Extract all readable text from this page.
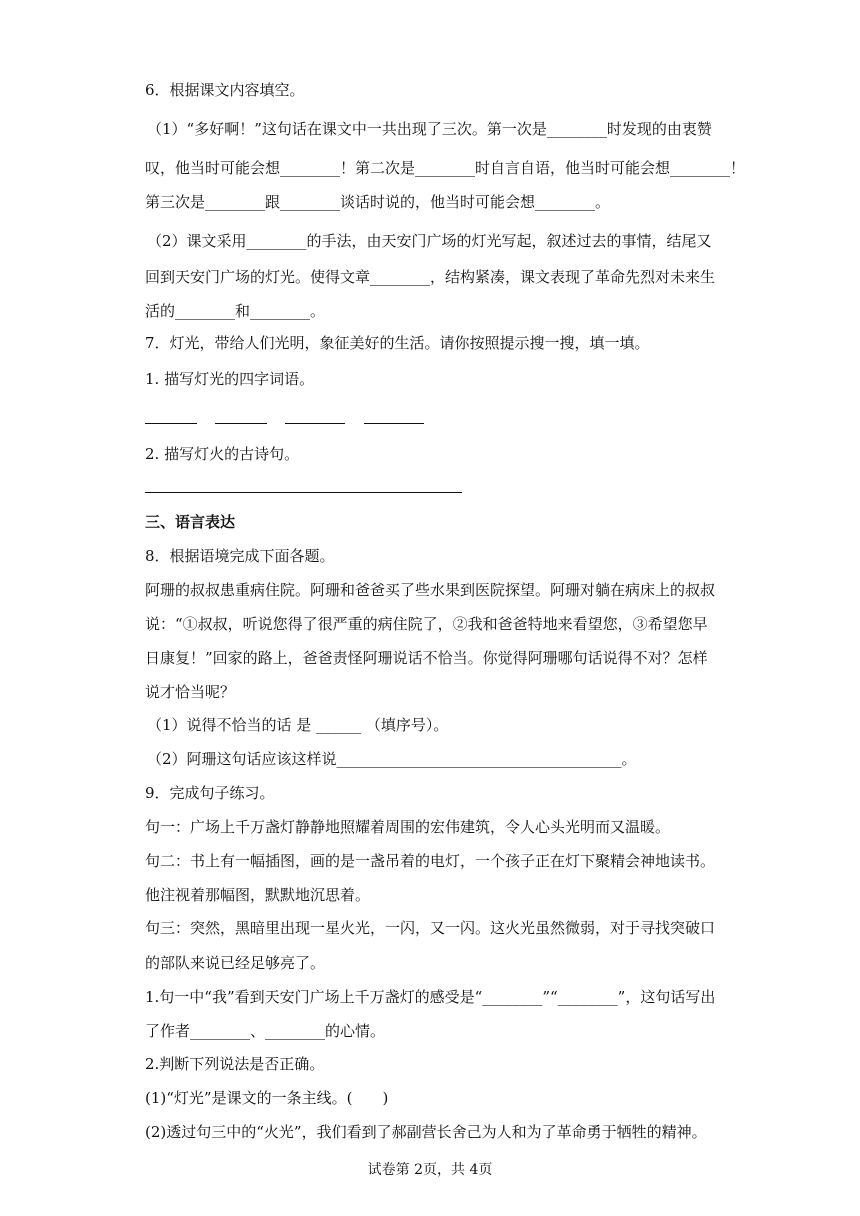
6．根据课文内容填空。
（1）“多好啊！”这句话在课文中一共出现了三次。第一次是________时发现的由衷赞
叹，他当时可能会想________！第二次是________时自言自语，他当时可能会想________！
第三次是________跟________谈话时说的，他当时可能会想________。
（2）课文采用________的手法，由天安门广场的灯光写起，叙述过去的事情，结尾又
回到天安门广场的灯光。使得文章________，结构紧凑，课文表现了革命先烈对未来生
活的________和________。
7．灯光，带给人们光明，象征美好的生活。请你按照提示搜一搜，填一填。
1. 描写灯光的四字词语。
2. 描写灯火的古诗句。
三、语言表达
8．根据语境完成下面各题。
阿珊的叔叔患重病住院。阿珊和爸爸买了些水果到医院探望。阿珊对躺在病床上的叔叔
说：“①叔叔，听说您得了很严重的病住院了，②我和爸爸特地来看望您，③希望您早
日康复！”回家的路上，爸爸责怪阿珊说话不恰当。你觉得阿珊哪句话说得不对？怎样
说才恰当呢？
（1）说得不恰当的话 是 ______ （填序号）。
（2）阿珊这句话应该这样说______________________________________。
9．完成句子练习。
句一：广场上千万盏灯静静地照耀着周围的宏伟建筑，令人心头光明而又温暖。
句二：书上有一幅插图，画的是一盏吊着的电灯，一个孩子正在灯下聚精会神地读书。
他注视着那幅图，默默地沉思着。
句三：突然，黑暗里出现一星火光，一闪，又一闪。这火光虽然微弱，对于寻找突破口
的部队来说已经足够亮了。
1.句一中“我”看到天安门广场上千万盏灯的感受是“________”“________”，这句话写出
了作者________、________的心情。
2.判断下列说法是否正确。
(1)“灯光”是课文的一条主线。(　　)
(2)透过句三中的“火光”，我们看到了郝副营长舍己为人和为了革命勇于牺牲的精神。
试卷第 2页，共 4页
